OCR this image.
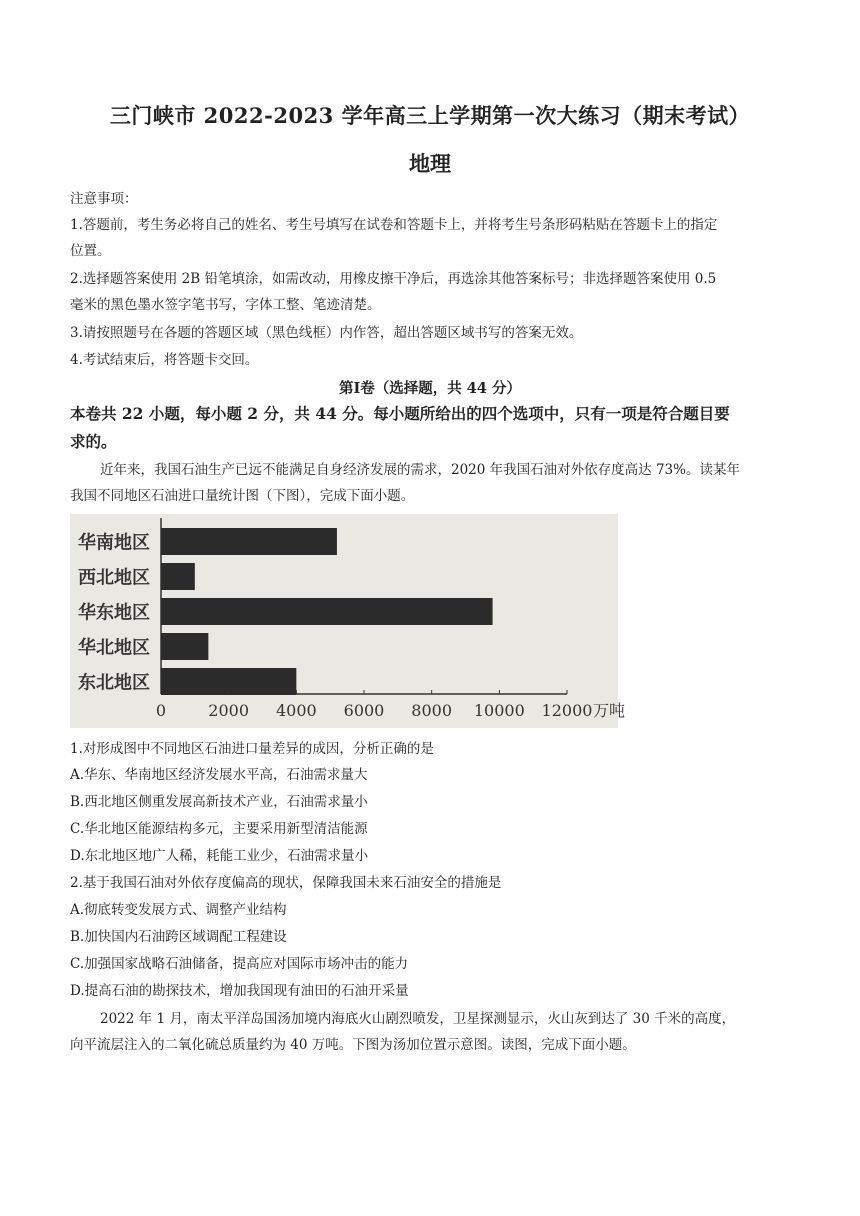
三门峡市 2022-2023 学年高三上学期第一次大练习（期末考试）
地理
注意事项：
1.答题前，考生务必将自己的姓名、考生号填写在试卷和答题卡上，并将考生号条形码粘贴在答题卡上的指定
位置。
2.选择题答案使用 2B 铅笔填涂，如需改动，用橡皮擦干净后，再选涂其他答案标号；非选择题答案使用 0.5
毫米的黑色墨水签字笔书写，字体工整、笔迹清楚。
3.请按照题号在各题的答题区域（黑色线框）内作答，超出答题区域书写的答案无效。
4.考试结束后，将答题卡交回。
第Ⅰ卷（选择题，共 44 分）
本卷共 22 小题，每小题 2 分，共 44 分。每小题所给出的四个选项中，只有一项是符合题目要
求的。
近年来，我国石油生产已远不能满足自身经济发展的需求，2020 年我国石油对外依存度高达 73%。读某年
我国不同地区石油进口量统计图（下图），完成下面小题。
华南地区
西北地区
华东地区
华北地区
东北地区
0	2000 4000 6000 8000 10000 12000 万吨
1.对形成图中不同地区石油进口量差异的成因，分析正确的是
A.华东、华南地区经济发展水平高，石油需求量大
B.西北地区侧重发展高新技术产业，石油需求量小
C.华北地区能源结构多元，主要采用新型清洁能源
D.东北地区地广人稀，耗能工业少，石油需求量小
2.基于我国石油对外依存度偏高的现状，保障我国未来石油安全的措施是
A.彻底转变发展方式、调整产业结构
B.加快国内石油跨区域调配工程建设
C.加强国家战略石油储备，提高应对国际市场冲击的能力
D.提高石油的勘探技术，增加我国现有油田的石油开采量
2022 年 1 月，南太平洋岛国汤加境内海底火山剧烈喷发，卫星探测显示，火山灰到达了 30 千米的高度，
向平流层注入的二氧化硫总质量约为 40 万吨。下图为汤加位置示意图。读图，完成下面小题。
